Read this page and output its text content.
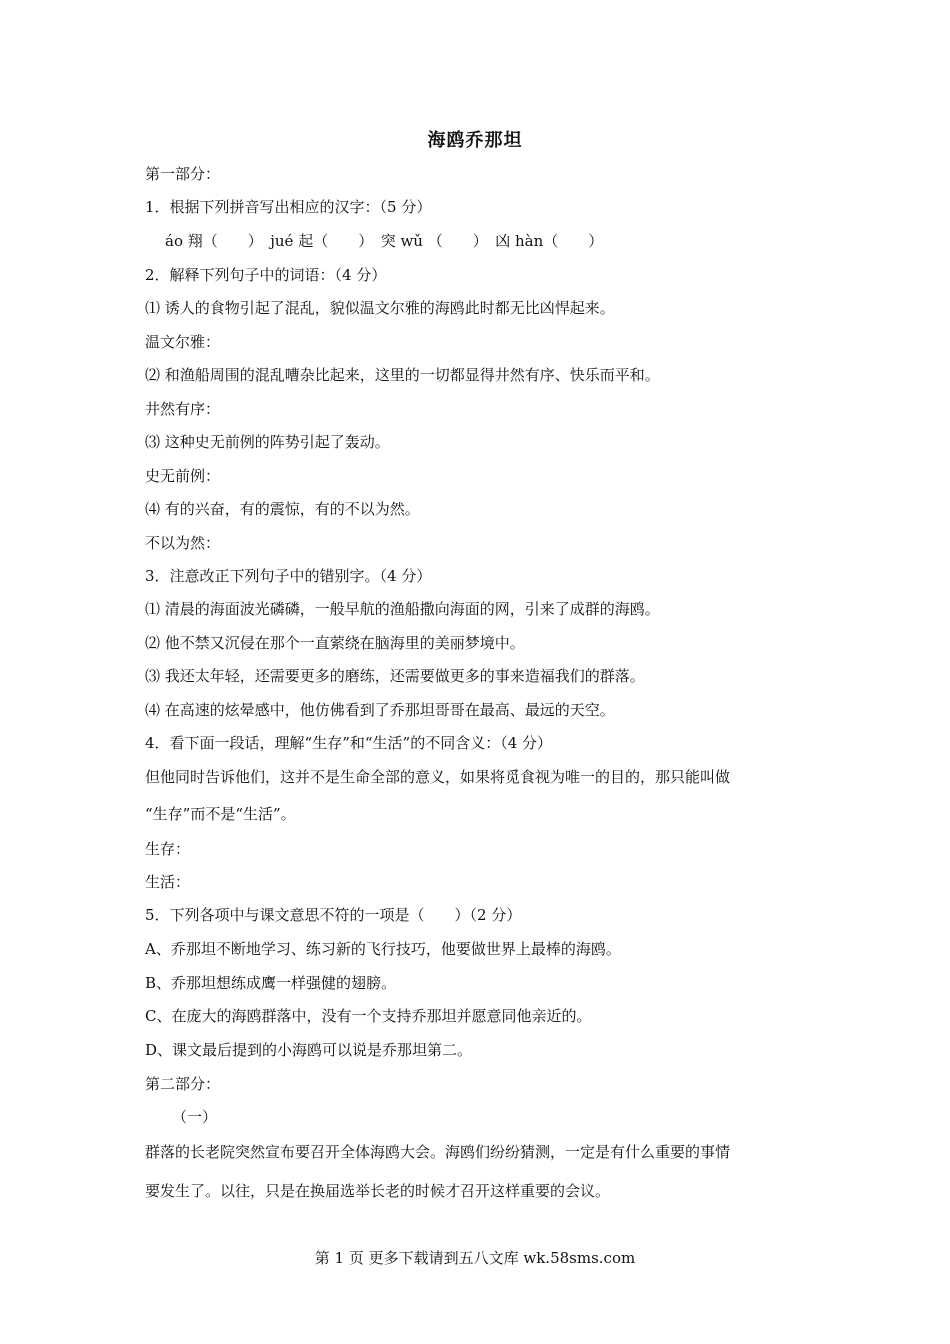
海鸥乔那坦
第一部分：
1．根据下列拼音写出相应的汉字：（5 分）
áo 翔（　　）　jué 起（　　）　突 wǔ （　　）　凶 hàn（　　）
2．解释下列句子中的词语：（4 分）
⑴ 诱人的食物引起了混乱，貌似温文尔雅的海鸥此时都无比凶悍起来。
温文尔雅：
⑵ 和渔船周围的混乱嘈杂比起来，这里的一切都显得井然有序、快乐而平和。
井然有序：
⑶ 这种史无前例的阵势引起了轰动。
史无前例：
⑷ 有的兴奋，有的震惊，有的不以为然。
不以为然：
3．注意改正下列句子中的错别字。（4 分）
⑴ 清晨的海面波光磷磷，一般早航的渔船撒向海面的网，引来了成群的海鸥。
⑵ 他不禁又沉侵在那个一直萦绕在脑海里的美丽梦境中。
⑶ 我还太年轻，还需要更多的磨练，还需要做更多的事来造福我们的群落。
⑷ 在高速的炫晕感中，他仿佛看到了乔那坦哥哥在最高、最远的天空。
4．看下面一段话，理解“生存”和“生活”的不同含义：（4 分）
但他同时告诉他们，这并不是生命全部的意义，如果将觅食视为唯一的目的，那只能叫做
“生存”而不是“生活”。
生存：
生活：
5．下列各项中与课文意思不符的一项是（　　）（2 分）
A、乔那坦不断地学习、练习新的飞行技巧，他要做世界上最棒的海鸥。
B、乔那坦想练成鹰一样强健的翅膀。
C、在庞大的海鸥群落中，没有一个支持乔那坦并愿意同他亲近的。
D、课文最后提到的小海鸥可以说是乔那坦第二。
第二部分：
（一）
群落的长老院突然宣布要召开全体海鸥大会。海鸥们纷纷猜测，一定是有什么重要的事情
要发生了。以往，只是在换届选举长老的时候才召开这样重要的会议。
第 1 页 更多下载请到五八文库 wk.58sms.com
